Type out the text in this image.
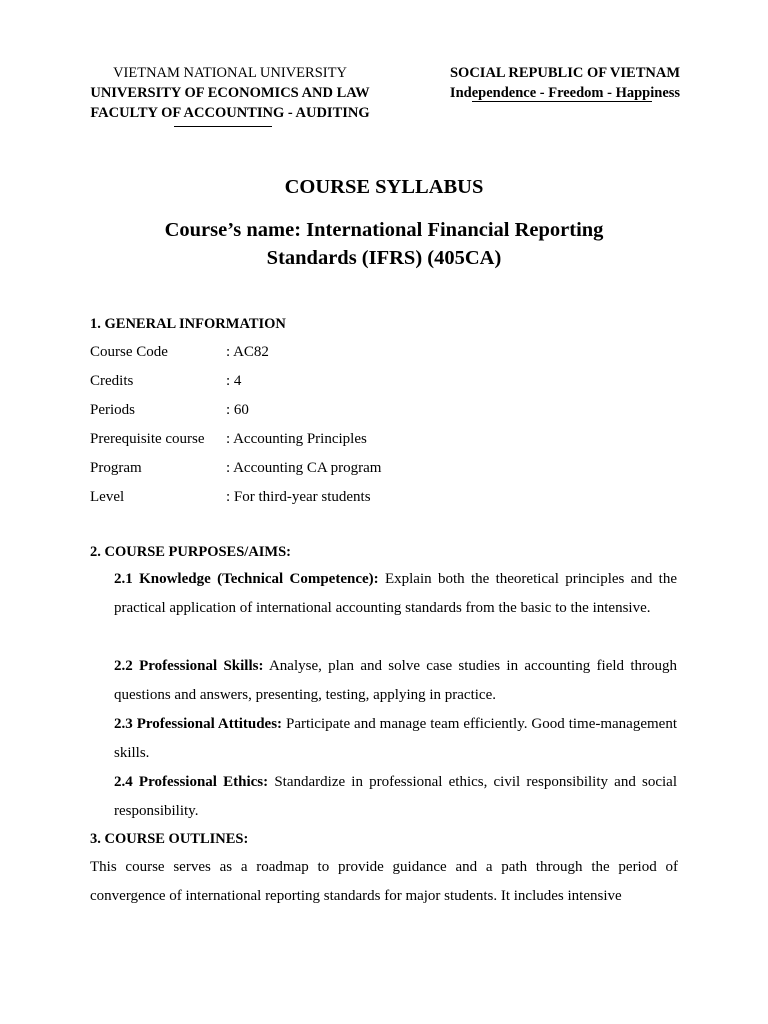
VIETNAM NATIONAL UNIVERSITY
UNIVERSITY OF ECONOMICS AND LAW
FACULTY OF ACCOUNTING - AUDITING
SOCIAL REPUBLIC OF VIETNAM
Independence - Freedom - Happiness
COURSE SYLLABUS
Course’s name: International Financial Reporting
Standards (IFRS) (405CA)
1. GENERAL INFORMATION
Course Code	: AC82
Credits	: 4
Periods	: 60
Prerequisite course : Accounting Principles
Program	: Accounting CA program
Level	: For third-year students
2. COURSE PURPOSES/AIMS:
2.1 Knowledge (Technical Competence): Explain both the theoretical principles and the practical application of international accounting standards from the basic to the intensive.
2.2 Professional Skills: Analyse, plan and solve case studies in accounting field through questions and answers, presenting, testing, applying in practice.
2.3 Professional Attitudes: Participate and manage team efficiently. Good time-management skills.
2.4 Professional Ethics: Standardize in professional ethics, civil responsibility and social responsibility.
3. COURSE OUTLINES:
This course serves as a roadmap to provide guidance and a path through the period of convergence of international reporting standards for major students. It includes intensive
